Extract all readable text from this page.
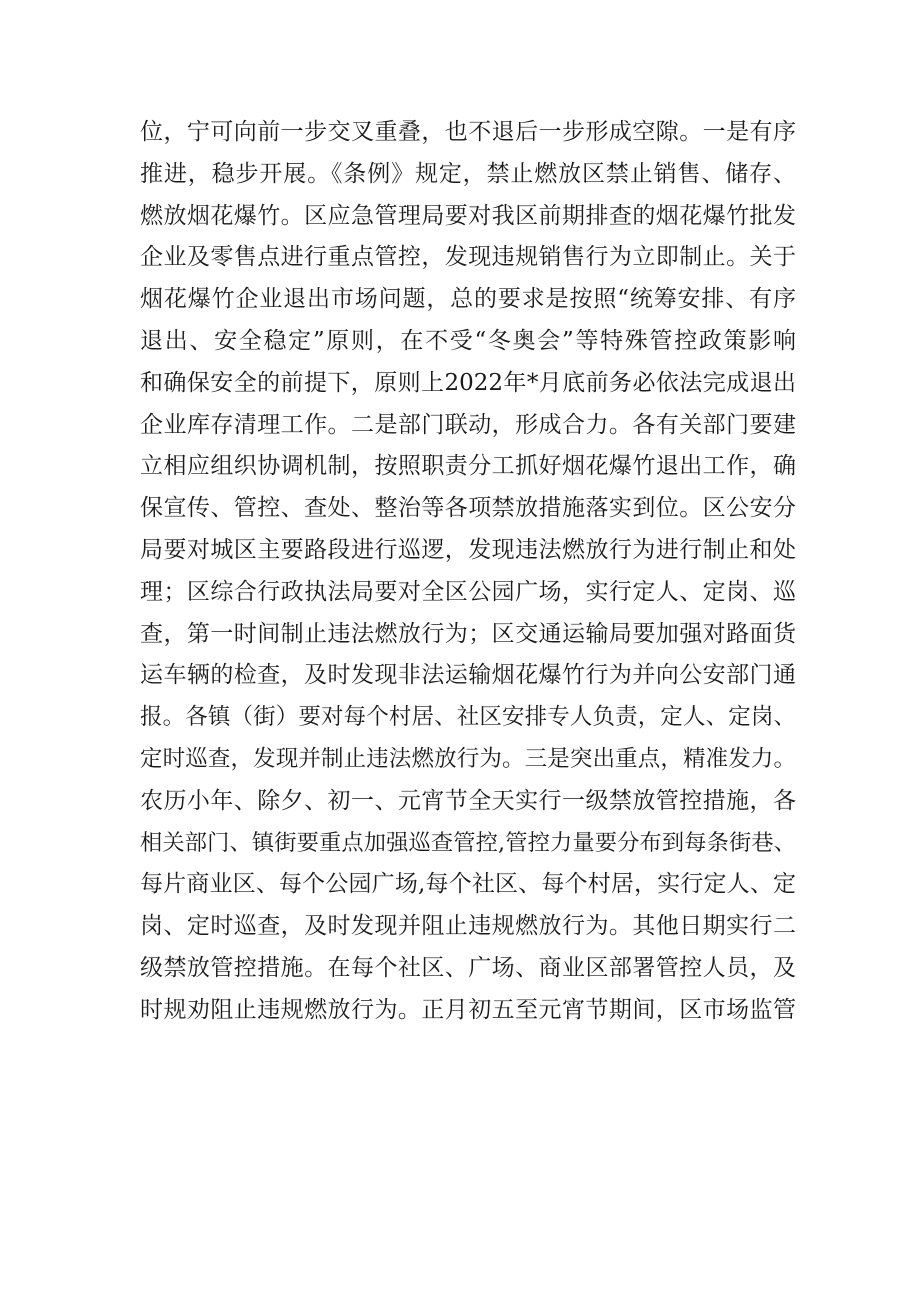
位，宁可向前一步交叉重叠，也不退后一步形成空隙。一是有序
推进，稳步开展。《条例》规定，禁止燃放区禁止销售、储存、
燃放烟花爆竹。区应急管理局要对我区前期排查的烟花爆竹批发
企业及零售点进行重点管控，发现违规销售行为立即制止。关于
烟花爆竹企业退出市场问题，总的要求是按照“统筹安排、有序
退出、安全稳定”原则，在不受“冬奥会”等特殊管控政策影响
和确保安全的前提下，原则上2022年*月底前务必依法完成退出
企业库存清理工作。二是部门联动，形成合力。各有关部门要建
立相应组织协调机制，按照职责分工抓好烟花爆竹退出工作，确
保宣传、管控、查处、整治等各项禁放措施落实到位。区公安分
局要对城区主要路段进行巡逻，发现违法燃放行为进行制止和处
理；区综合行政执法局要对全区公园广场，实行定人、定岗、巡
查，第一时间制止违法燃放行为；区交通运输局要加强对路面货
运车辆的检查，及时发现非法运输烟花爆竹行为并向公安部门通
报。各镇（街）要对每个村居、社区安排专人负责，定人、定岗、
定时巡查，发现并制止违法燃放行为。三是突出重点，精准发力。
农历小年、除夕、初一、元宵节全天实行一级禁放管控措施，各
相关部门、镇街要重点加强巡查管控,管控力量要分布到每条街巷、
每片商业区、每个公园广场,每个社区、每个村居，实行定人、定
岗、定时巡查，及时发现并阻止违规燃放行为。其他日期实行二
级禁放管控措施。在每个社区、广场、商业区部署管控人员，及
时规劝阻止违规燃放行为。正月初五至元宵节期间，区市场监管
